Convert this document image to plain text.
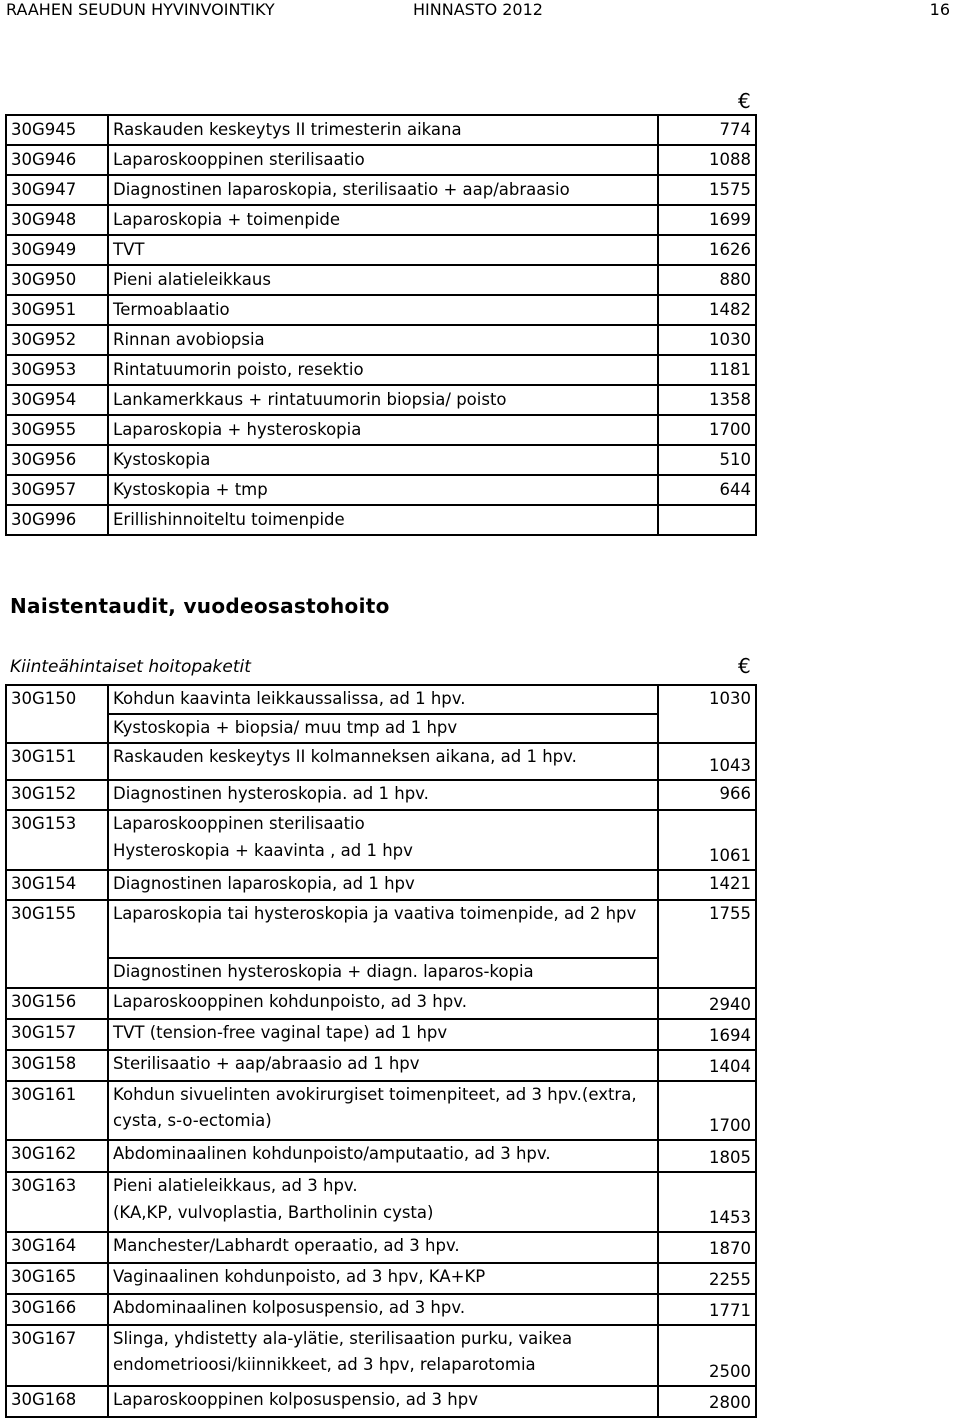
RAAHEN SEUDUN HYVINVOINTIKY	HINNASTO 2012	16
€
30G945	Raskauden keskeytys II trimesterin aikana	774
30G946	Laparoskooppinen sterilisaatio	1088
30G947	Diagnostinen laparoskopia, sterilisaatio + aap/abraasio	1575
30G948	Laparoskopia + toimenpide	1699
30G949	TVT	1626
30G950	Pieni alatieleikkaus	880
30G951	Termoablaatio	1482
30G952	Rinnan avobiopsia	1030
30G953	Rintatuumorin poisto, resektio	1181
30G954	Lankamerkkaus + rintatuumorin biopsia/ poisto	1358
30G955	Laparoskopia + hysteroskopia	1700
30G956	Kystoskopia	510
30G957	Kystoskopia + tmp	644
30G996	Erillishinnoiteltu toimenpide	
Naistentaudit, vuodeosastohoito
Kiinteähintaiset hoitopaketit	€
30G150	Kohdun kaavinta leikkaussalissa, ad 1 hpv.	1030
	Kystoskopia + biopsia/ muu tmp ad 1 hpv	
30G151	Raskauden keskeytys II kolmanneksen aikana, ad 1 hpv.	1043
30G152	Diagnostinen hysteroskopia. ad 1 hpv.	966
30G153	Laparoskooppinen sterilisaatio	
	Hysteroskopia + kaavinta , ad 1 hpv	1061
30G154	Diagnostinen laparoskopia, ad 1 hpv	1421
30G155	Laparoskopia tai hysteroskopia ja vaativa toimenpide, ad 2 hpv	1755
	Diagnostinen hysteroskopia + diagn. laparos-kopia	
30G156	Laparoskooppinen kohdunpoisto, ad 3 hpv.	2940
30G157	TVT (tension-free vaginal tape) ad 1 hpv	1694
30G158	Sterilisaatio + aap/abraasio ad 1 hpv	1404
30G161	Kohdun sivuelinten avokirurgiset toimenpiteet, ad 3 hpv.(extra, cysta, s-o-ectomia)	1700
30G162	Abdominaalinen kohdunpoisto/amputaatio, ad 3 hpv.	1805
30G163	Pieni alatieleikkaus, ad 3 hpv.	
	(KA,KP, vulvoplastia, Bartholinin cysta)	1453
30G164	Manchester/Labhardt operaatio, ad 3 hpv.	1870
30G165	Vaginaalinen kohdunpoisto, ad 3 hpv, KA+KP	2255
30G166	Abdominaalinen kolposuspensio, ad 3 hpv.	1771
30G167	Slinga, yhdistetty ala-ylätie, sterilisaation purku, vaikea endometrioosi/kiinnikkeet, ad 3 hpv, relaparotomia	2500
30G168	Laparoskooppinen kolposuspensio, ad 3 hpv	2800
